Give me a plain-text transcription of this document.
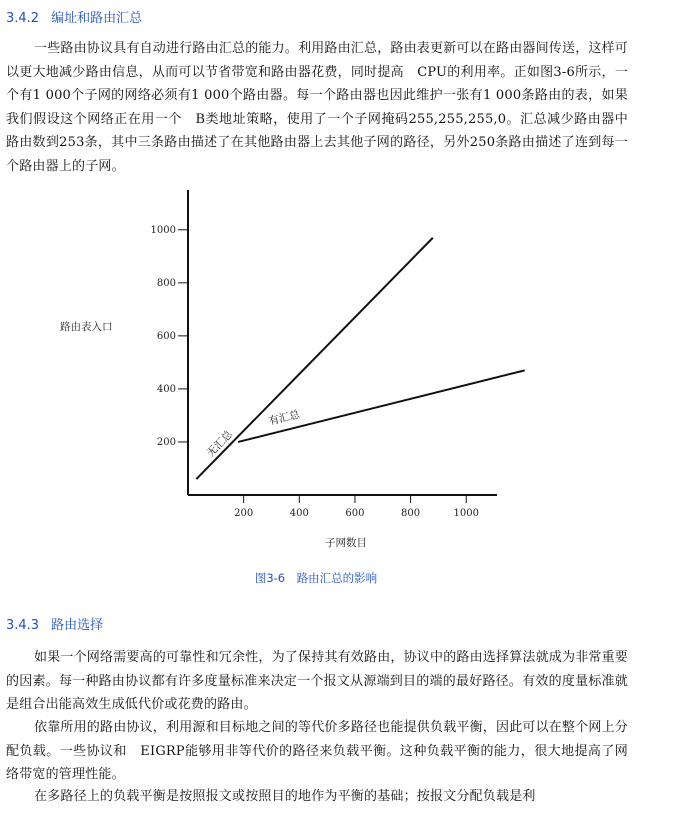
3.4.2 编址和路由汇总

一些路由协议具有自动进行路由汇总的能力。利用路由汇总，路由表更新可以在路由器间传送，这样可以更大地减少路由信息，从而可以节省带宽和路由器花费，同时提高　CPU的利用率。正如图3-6所示，一个有1 000个子网的网络必须有1 000个路由器。每一个路由器也因此维护一张有1 000条路由的表，如果我们假设这个网络正在用一个　B类地址策略，使用了一个子网掩码255,255,255,0。汇总减少路由器中路由数到253条，其中三条路由描述了在其他路由器上去其他子网的路径，另外250条路由描述了连到每一个路由器上的子网。

200
400
600
800
1000
200	400	600	800	1000
无汇总
有汇总
路由表入口
子网数目
图3-6　路由汇总的影响
3.4.3 路由选择

如果一个网络需要高的可靠性和冗余性，为了保持其有效路由，协议中的路由选择算法就成为非常重要的因素。每一种路由协议都有许多度量标准来决定一个报文从源端到目的端的最好路径。有效的度量标准就是组合出能高效生成低代价或花费的路由。

依靠所用的路由协议，利用源和目标地之间的等代价多路径也能提供负载平衡，因此可以在整个网上分配负载。一些协议和　EIGRP能够用非等代价的路径来负载平衡。这种负载平衡的能力，很大地提高了网络带宽的管理性能。

在多路径上的负载平衡是按照报文或按照目的地作为平衡的基础；按报文分配负载是利
